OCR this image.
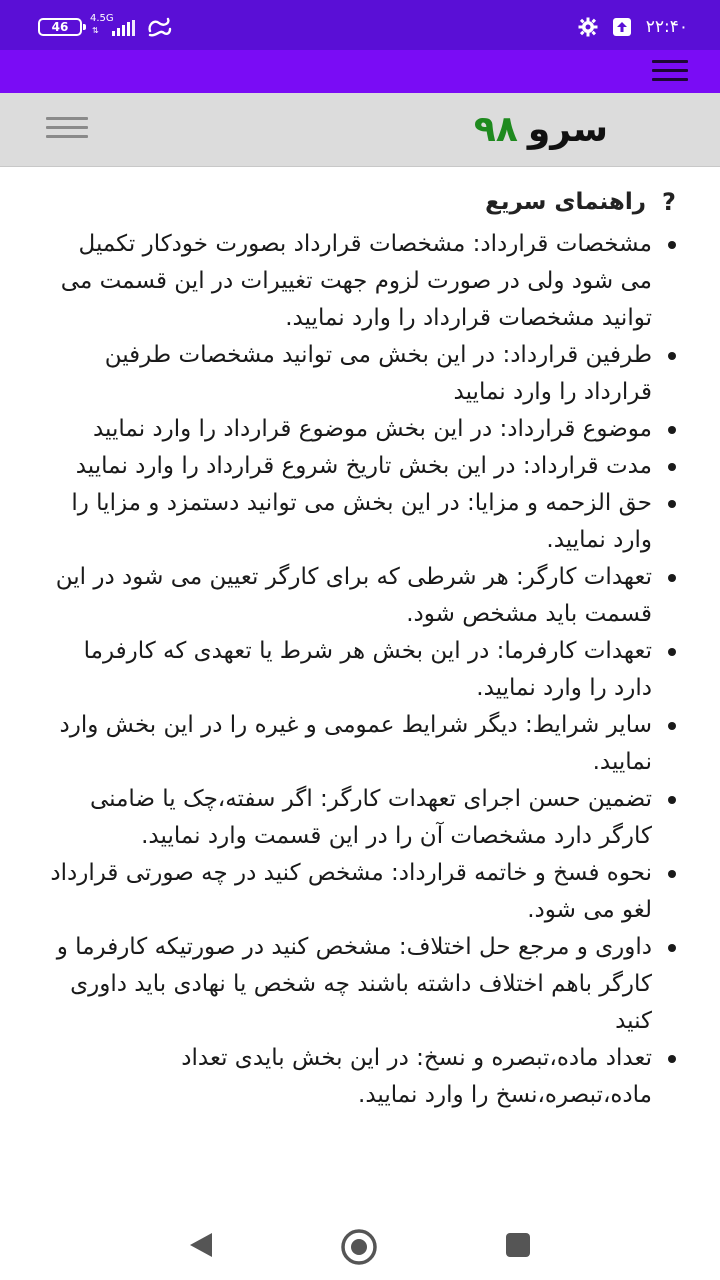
46
4.5G
⇅	۲۲:۴۰
سرو
۹۸
?
راهنمای سریع
مشخصات قرارداد: مشخصات قرارداد بصورت خودکار تکمیل می شود ولی در صورت لزوم جهت تغییرات در این قسمت می توانید مشخصات قرارداد را وارد نمایید.
طرفین قرارداد: در این بخش می توانید مشخصات طرفین قرارداد را وارد نمایید
موضوع قرارداد: در این بخش موضوع قرارداد را وارد نمایید
مدت قرارداد: در این بخش تاریخ شروع قرارداد را وارد نمایید
حق الزحمه و مزایا: در این بخش می توانید دستمزد و مزایا را وارد نمایید.
تعهدات کارگر: هر شرطی که برای کارگر تعیین می شود در این قسمت باید مشخص شود.
تعهدات کارفرما: در این بخش هر شرط یا تعهدی که کارفرما دارد را وارد نمایید.
سایر شرایط: دیگر شرایط عمومی و غیره را در این بخش وارد نمایید.
تضمین حسن اجرای تعهدات کارگر: اگر سفته،چک یا ضامنی کارگر دارد مشخصات آن را در این قسمت وارد نمایید.
نحوه فسخ و خاتمه قرارداد: مشخص کنید در چه صورتی قرارداد لغو می شود.
داوری و مرجع حل اختلاف: مشخص کنید در صورتیکه کارفرما و کارگر باهم اختلاف داشته باشند چه شخص یا نهادی باید داوری کنید
تعداد ماده،تبصره و نسخ: در این بخش بایدی تعداد ماده،تبصره،نسخ را وارد نمایید.
